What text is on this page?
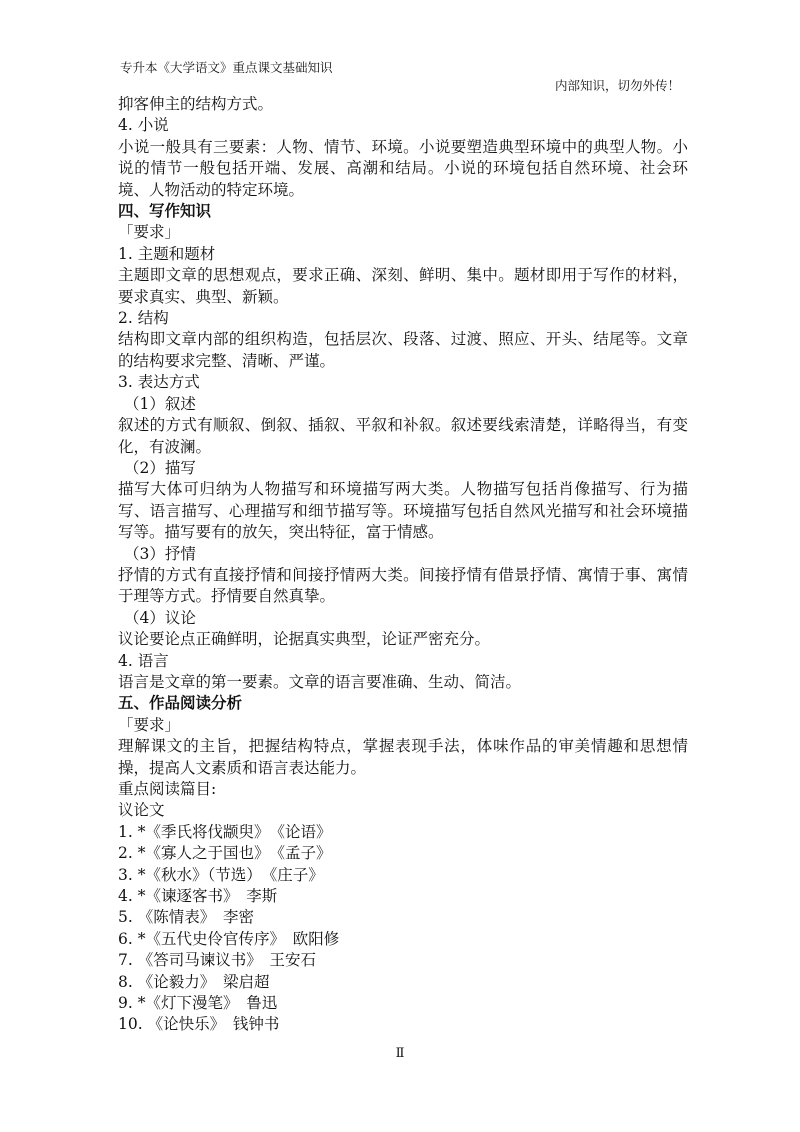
专升本《大学语文》重点课文基础知识
内部知识，切勿外传！
抑客伸主的结构方式。
4. 小说
小说一般具有三要素：人物、情节、环境。小说要塑造典型环境中的典型人物。小说的情节一般包括开端、发展、高潮和结局。小说的环境包括自然环境、社会环境、人物活动的特定环境。
四、写作知识
「要求」
1. 主题和题材
主题即文章的思想观点，要求正确、深刻、鲜明、集中。题材即用于写作的材料，要求真实、典型、新颖。
2. 结构
结构即文章内部的组织构造，包括层次、段落、过渡、照应、开头、结尾等。文章的结构要求完整、清晰、严谨。
3. 表达方式
（1）叙述
叙述的方式有顺叙、倒叙、插叙、平叙和补叙。叙述要线索清楚，详略得当，有变化，有波澜。
（2）描写
描写大体可归纳为人物描写和环境描写两大类。人物描写包括肖像描写、行为描写、语言描写、心理描写和细节描写等。环境描写包括自然风光描写和社会环境描写等。描写要有的放矢，突出特征，富于情感。
（3）抒情
抒情的方式有直接抒情和间接抒情两大类。间接抒情有借景抒情、寓情于事、寓情于理等方式。抒情要自然真挚。
（4）议论
议论要论点正确鲜明，论据真实典型，论证严密充分。
4. 语言
语言是文章的第一要素。文章的语言要准确、生动、简洁。
五、作品阅读分析
「要求」
理解课文的主旨，把握结构特点，掌握表现手法，体味作品的审美情趣和思想情操，提高人文素质和语言表达能力。
重点阅读篇目:
议论文
1. *《季氏将伐颛臾》　《论语》
2. *《寡人之于国也》　《孟子》
3. *《秋水》（节选）　《庄子》
4. *《谏逐客书》　李斯
5. 《陈情表》　李密
6. *《五代史伶官传序》　欧阳修
7. 《答司马谏议书》　王安石
8. 《论毅力》　梁启超
9. *《灯下漫笔》　鲁迅
10. 《论快乐》　钱钟书
Ⅱ
